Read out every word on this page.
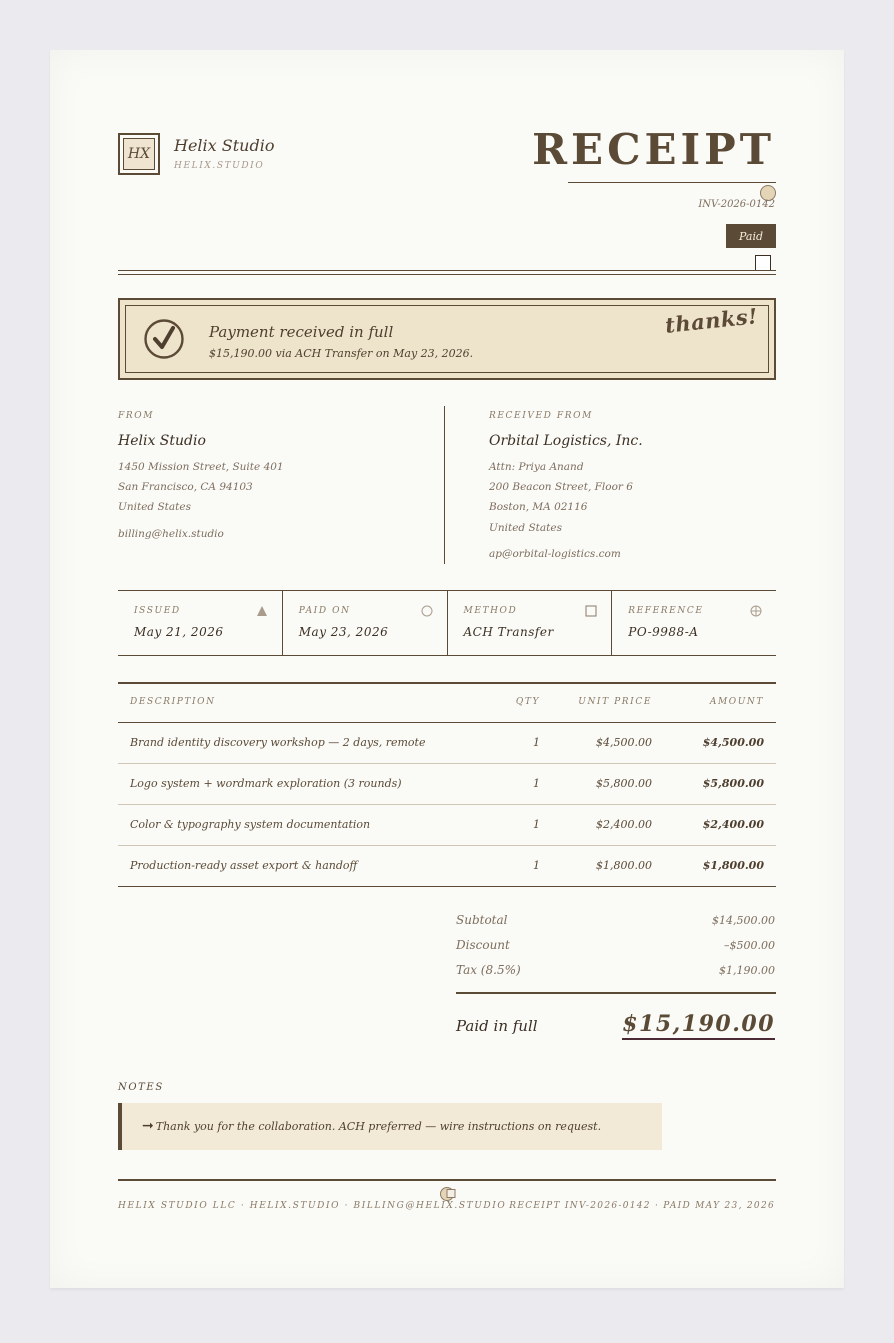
HX Helix Studio
HELIX.STUDIO	RECEIPT
INV-2026-0142
Paid
Payment received in full
$15,190.00 via ACH Transfer on May 23, 2026.
thanks!
FROM
Helix Studio
1450 Mission Street, Suite 401
San Francisco, CA 94103
United States
billing@helix.studio
RECEIVED FROM
Orbital Logistics, Inc.
Attn: Priya Anand
200 Beacon Street, Floor 6
Boston, MA 02116
United States
ap@orbital-logistics.com
ISSUED
May 21, 2026
PAID ON
May 23, 2026
METHOD
ACH Transfer
REFERENCE
PO-9988-A
DESCRIPTION	QTY	UNIT PRICE	AMOUNT
Brand identity discovery workshop — 2 days, remote	1	$4,500.00	$4,500.00
Logo system + wordmark exploration (3 rounds)	1	$5,800.00	$5,800.00
Color & typography system documentation	1	$2,400.00	$2,400.00
Production-ready asset export & handoff	1	$1,800.00	$1,800.00
Subtotal	$14,500.00
Discount	–$500.00
Tax (8.5%)	$1,190.00
Paid in full	$15,190.00
NOTES
➞ Thank you for the collaboration. ACH preferred — wire instructions on request.
HELIX STUDIO LLC · HELIX.STUDIO · BILLING@HELIX.STUDIO RECEIPT INV-2026-0142 · PAID MAY 23, 2026
